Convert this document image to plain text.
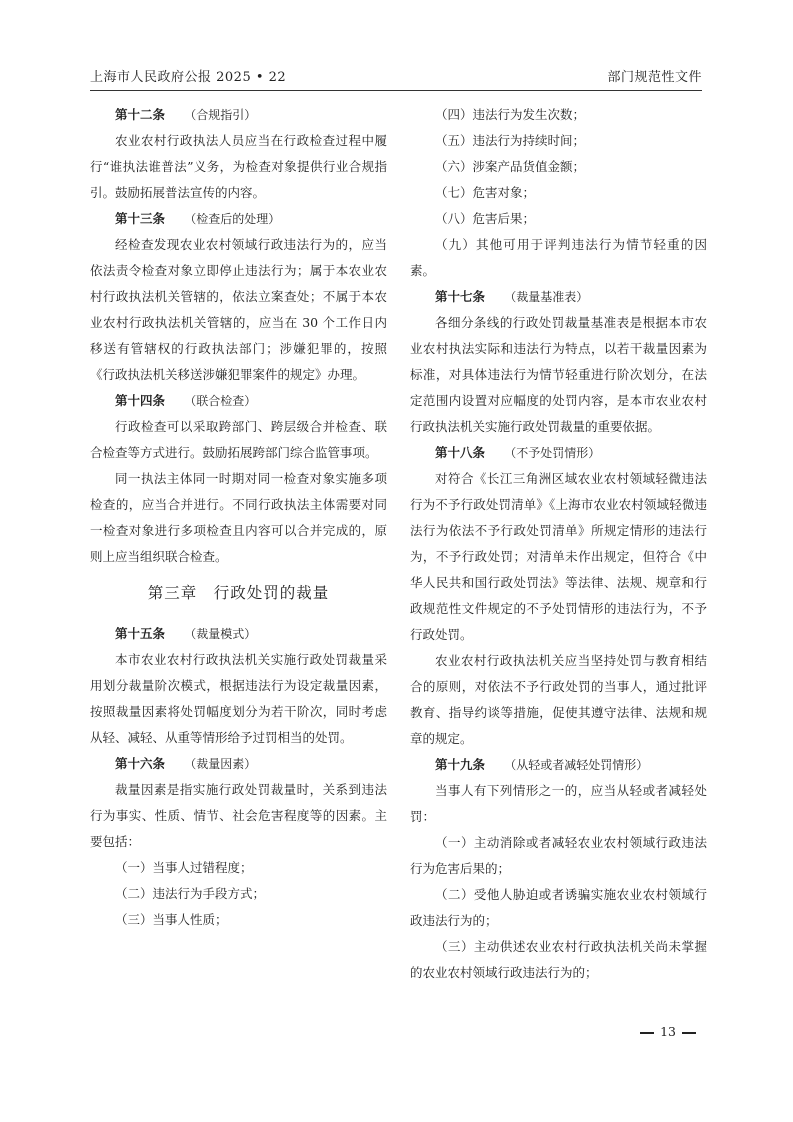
上海市人民政府公报 2025 • 22	部门规范性文件
第十二条 （合规指引）

农业农村行政执法人员应当在行政检查过程中履行“谁执法谁普法”义务，为检查对象提供行业合规指引。鼓励拓展普法宣传的内容。

第十三条 （检查后的处理）

经检查发现农业农村领域行政违法行为的，应当依法责令检查对象立即停止违法行为；属于本农业农村行政执法机关管辖的，依法立案查处；不属于本农业农村行政执法机关管辖的，应当在 30 个工作日内移送有管辖权的行政执法部门；涉嫌犯罪的，按照《行政执法机关移送涉嫌犯罪案件的规定》办理。

第十四条 （联合检查）

行政检查可以采取跨部门、跨层级合并检查、联合检查等方式进行。鼓励拓展跨部门综合监管事项。

同一执法主体同一时期对同一检查对象实施多项检查的，应当合并进行。不同行政执法主体需要对同一检查对象进行多项检查且内容可以合并完成的，原则上应当组织联合检查。

第三章　行政处罚的裁量
第十五条 （裁量模式）

本市农业农村行政执法机关实施行政处罚裁量采用划分裁量阶次模式，根据违法行为设定裁量因素，按照裁量因素将处罚幅度划分为若干阶次，同时考虑从轻、减轻、从重等情形给予过罚相当的处罚。

第十六条 （裁量因素）

裁量因素是指实施行政处罚裁量时，关系到违法行为事实、性质、情节、社会危害程度等的因素。主要包括：

（一）当事人过错程度；
（二）违法行为手段方式；
（三）当事人性质；
（四）违法行为发生次数；
（五）违法行为持续时间；
（六）涉案产品货值金额；
（七）危害对象；
（八）危害后果；

（九）其他可用于评判违法行为情节轻重的因素。

第十七条 （裁量基准表）

各细分条线的行政处罚裁量基准表是根据本市农业农村执法实际和违法行为特点，以若干裁量因素为标准，对具体违法行为情节轻重进行阶次划分，在法定范围内设置对应幅度的处罚内容，是本市农业农村行政执法机关实施行政处罚裁量的重要依据。

第十八条 （不予处罚情形）

对符合《长江三角洲区域农业农村领域轻微违法行为不予行政处罚清单》《上海市农业农村领域轻微违法行为依法不予行政处罚清单》所规定情形的违法行为，不予行政处罚；对清单未作出规定，但符合《中华人民共和国行政处罚法》等法律、法规、规章和行政规范性文件规定的不予处罚情形的违法行为，不予行政处罚。

农业农村行政执法机关应当坚持处罚与教育相结合的原则，对依法不予行政处罚的当事人，通过批评教育、指导约谈等措施，促使其遵守法律、法规和规章的规定。

第十九条 （从轻或者减轻处罚情形）

当事人有下列情形之一的，应当从轻或者减轻处罚：

（一）主动消除或者减轻农业农村领域行政违法行为危害后果的；

（二）受他人胁迫或者诱骗实施农业农村领域行政违法行为的；

（三）主动供述农业农村行政执法机关尚未掌握的农业农村领域行政违法行为的；

13
